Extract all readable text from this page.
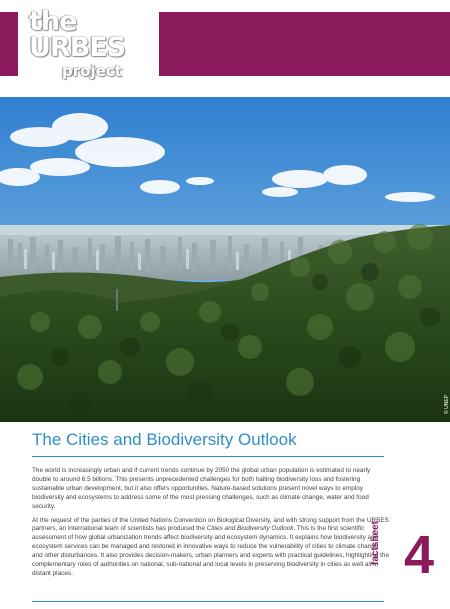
the
URBES
project
© UNEP
The Cities and Biodiversity Outlook

The world is increasingly urban and if current trends continue by 2050 the global urban population is estimated to nearly double to around 6.5 billions. This presents unprecedented challenges for both halting biodiversity loss and fostering sustainable urban development, but it also offers opportunities. Nature-based solutions present novel ways to employ biodiversity and ecosystems to address some of the most pressing challenges, such as climate change, water and food security.

At the request of the parties of the United Nations Convention on Biological Diversity, and with strong support from the URBES partners, an international team of scientists has produced the Cities and Biodiversity Outlook. This is the first scientific assessment of how global urbanization trends affect biodiversity and ecosystem dynamics. It explains how biodiversity and ecosystem services can be managed and restored in innovative ways to reduce the vulnerability of cities to climate change and other disturbances. It also provides decision-makers, urban planners and experts with practical guidelines, highlighting the complementary roles of authorities on national, sub-national and local levels in preserving biodiversity in cities as well as in distant places.

factsheet 4
